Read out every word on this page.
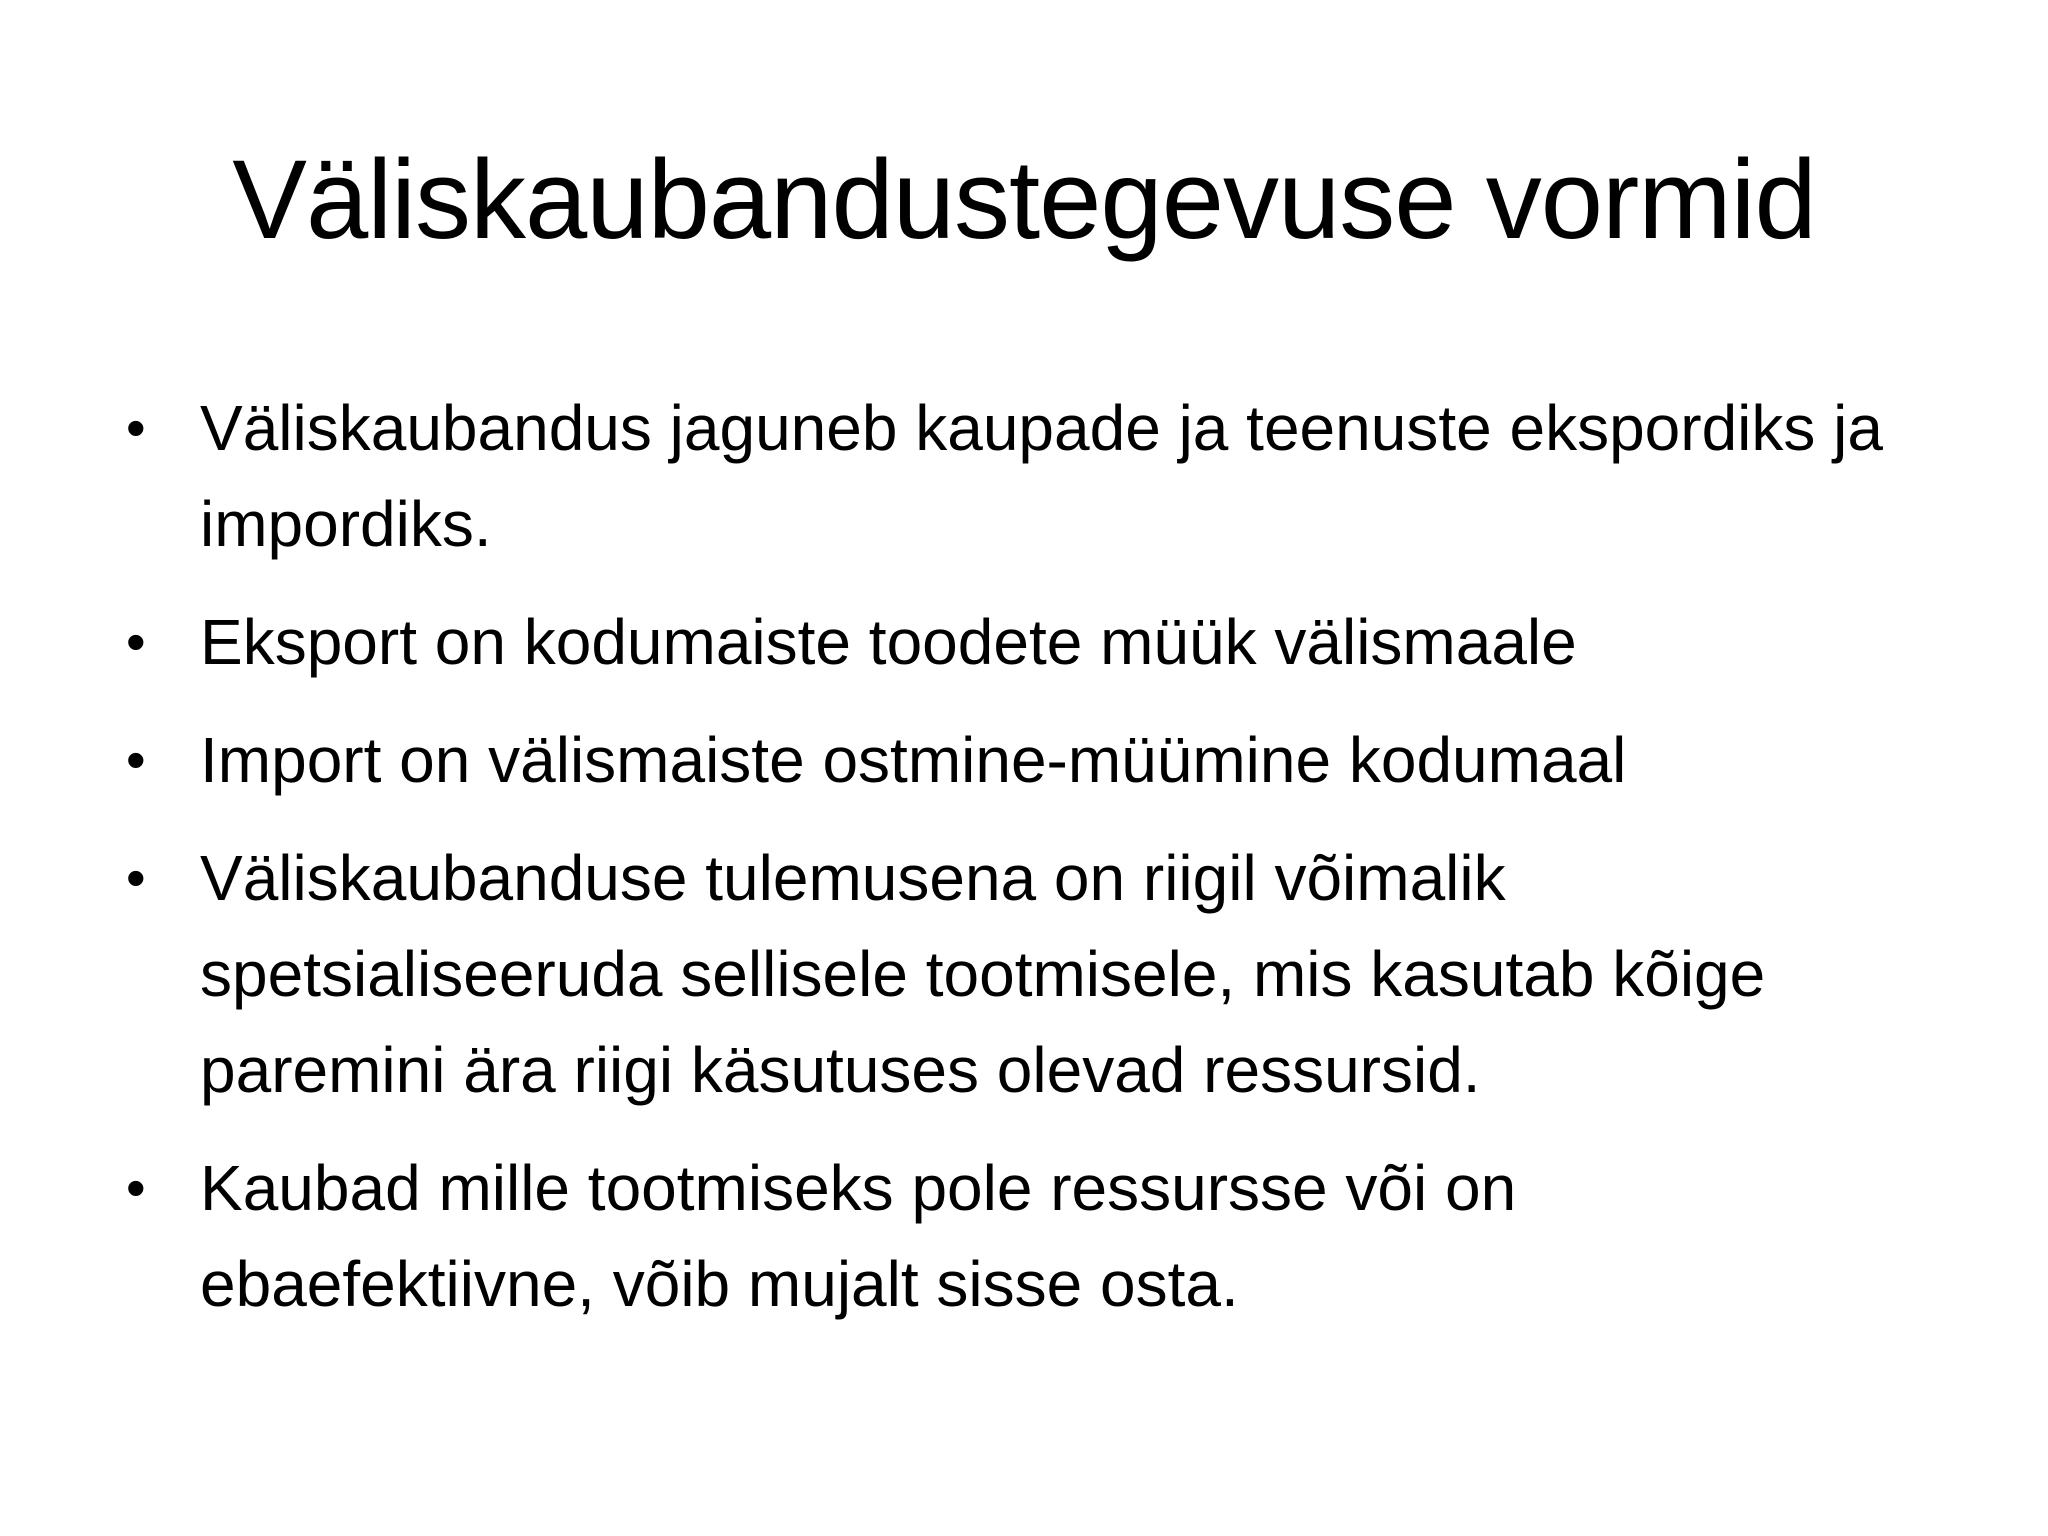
Väliskaubandustegevuse vormid
• Väliskaubandus jaguneb kaupade ja teenuste ekspordiks ja impordiks.
• Eksport on kodumaiste toodete müük välismaale
• Import on välismaiste ostmine-müümine kodumaal
• Väliskaubanduse tulemusena on riigil võimalik spetsialiseeruda sellisele tootmisele, mis kasutab kõige paremini ära riigi käsutuses olevad ressursid.
• Kaubad mille tootmiseks pole ressursse või on ebaefektiivne, võib mujalt sisse osta.
